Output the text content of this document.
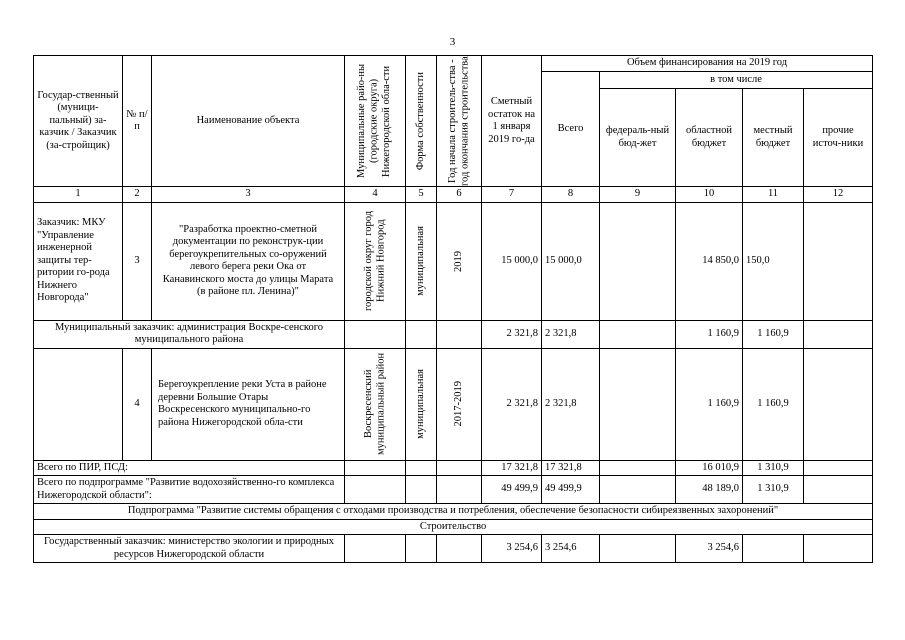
3
Государ-ственный (муници-пальный) за-казчик / Заказчик (за-стройщик)	№ п/п	Наименование объекта	Муниципальные райо-ны (городские округа) Нижегородской обла-сти	Форма собственности	Год начала строитель-ства - год окончания строительства	Сметный остаток на 1 января 2019 го-да	Объем финансирования на 2019 год				
							Всего	в том числе			
								федераль-ный бюд-жет	областной бюджет	местный бюджет	прочие источ-ники
1	2	3	4	5	6	7	8	9	10	11	12
Заказчик: МКУ "Управление инженерной защиты тер-ритории го-рода Нижнего Новгорода"	3	"Разработка проектно-сметной документации по реконструк-ции берегоукрепительных со-оружений левого берега реки Ока от Канавинского моста до улицы Марата (в районе пл. Ленина)"	городской округ город Нижний Новгород	муниципальная	2019	15 000,0	15 000,0		14 850,0	150,0	
Муниципальный заказчик: администрация Воскре-сенского муниципального района						2 321,8	2 321,8		1 160,9	1 160,9	
	4	Берегоукрепление реки Уста в районе деревни Большие Отары Воскресенского муниципально-го района Нижегородской обла-сти	Воскресенский муниципальный район	муниципальная	2017-2019	2 321,8	2 321,8		1 160,9	1 160,9	
Всего по ПИР, ПСД:						17 321,8	17 321,8		16 010,9	1 310,9	
Всего по подпрограмме "Развитие водохозяйственно-го комплекса Нижегородской области":						49 499,9	49 499,9		48 189,0	1 310,9	
Подпрограмма "Развитие системы обращения с отходами производства и потребления, обеспечение безопасности сибиреязвенных захоронений"											
Строительство											
Государственный заказчик: министерство экологии и природных ресурсов Нижегородской области						3 254,6	3 254,6		3 254,6		
